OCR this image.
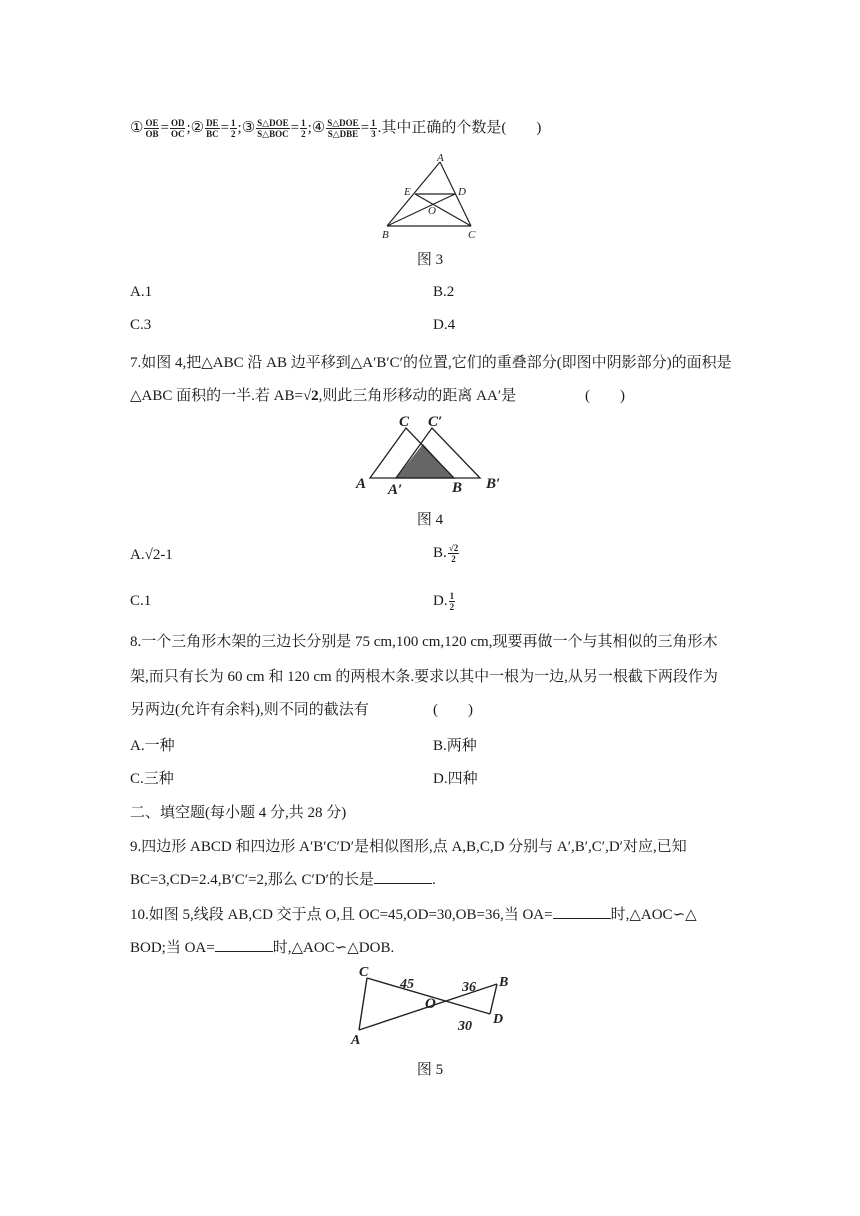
① $\frac{OE}{OB} = \frac{OD}{OC}$ ;② $\frac{DE}{BC} = \frac{1}{2}$ ;③ $\frac{\text{S△DOE}}{\text{S△BOC}} = \frac{1}{2}$ ;④ $\frac{\text{S△DOE}}{\text{S△DBE}} = \frac{1}{3}$ .其中正确的个数是(　　)
A
E	D
O
B	C
图 3
A.1	B.2
C.3	D.4
7.如图 4,把△ABC 沿 AB 边平移到△A′B′C′的位置,它们的重叠部分(即图中阴影部分)的面积是
△ABC 面积的一半.若 AB=√2,则此三角形移动的距离 AA′是	(　　)
C C′
A A′	B B′
图 4
A.√2-1	B. $\frac{√2}{2}$
C.1	D. $\frac{1}{2}$
8.一个三角形木架的三边长分别是 75 cm,100 cm,120 cm,现要再做一个与其相似的三角形木
架,而只有长为 60 cm 和 120 cm 的两根木条.要求以其中一根为一边,从另一根截下两段作为
另两边(允许有余料),则不同的截法有	(　　)
A.一种	B.两种
C.三种	D.四种
二、填空题(每小题 4 分,共 28 分)
9.四边形 ABCD 和四边形 A′B′C′D′是相似图形,点 A,B,C,D 分别与 A′,B′,C′,D′对应,已知
BC=3,CD=2.4,B′C′=2,那么 C′D′的长是	.
10.如图 5,线段 AB,CD 交于点 O,且 OC=45,OD=30,OB=36,当 OA=	时,△AOC∽△
BOD;当 OA=	时,△AOC∽△DOB.
C
A
O
B
D
45	36
30
图 5
